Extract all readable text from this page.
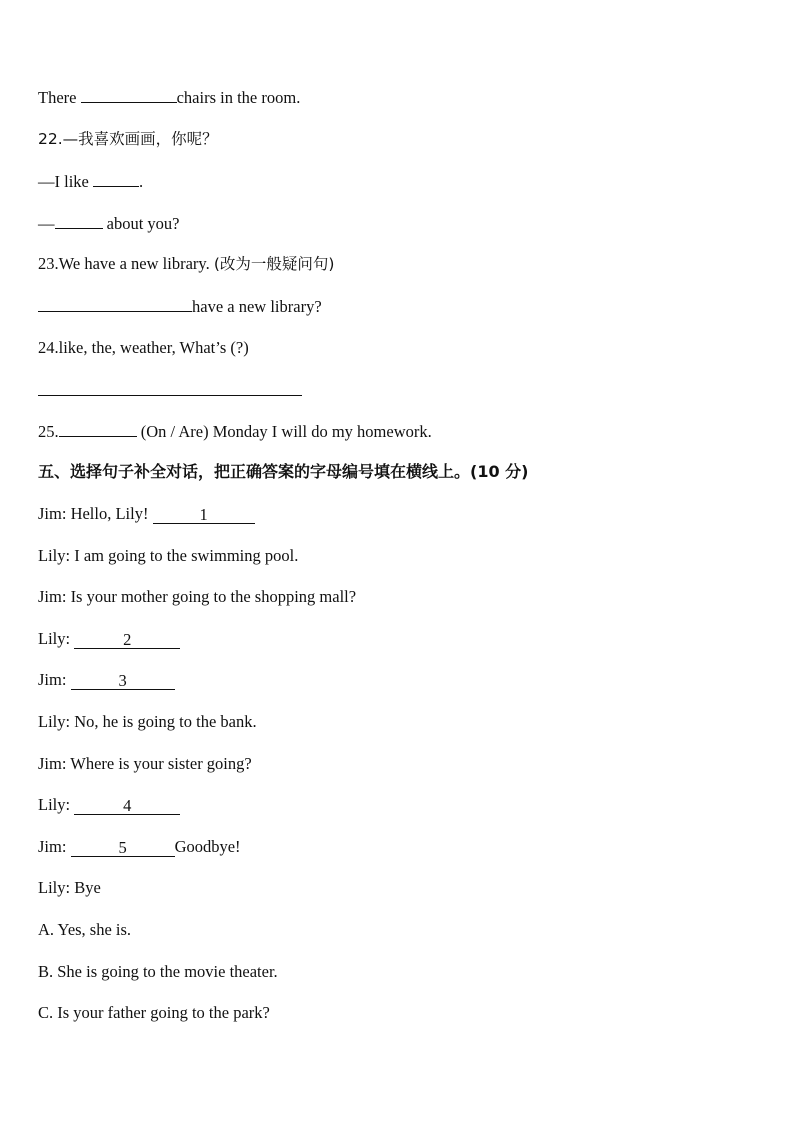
There	chairs in the room.
22.—我喜欢画画，你呢？
—I like	.
—	about you?
23.We have a new library. (改为一般疑问句)
have a new library?
24.like, the, weather, What’s (?)
25.	(On / Are) Monday I will do my homework.
五、选择句子补全对话，把正确答案的字母编号填在横线上。(10 分)
Jim: Hello, Lily!	1
Lily: I am going to the swimming pool.
Jim: Is your mother going to the shopping mall?
Lily:	2
Jim:	3
Lily: No, he is going to the bank.
Jim: Where is your sister going?
Lily:	4
Jim:	5	Goodbye!
Lily: Bye
A. Yes, she is.
B. She is going to the movie theater.
C. Is your father going to the park?
